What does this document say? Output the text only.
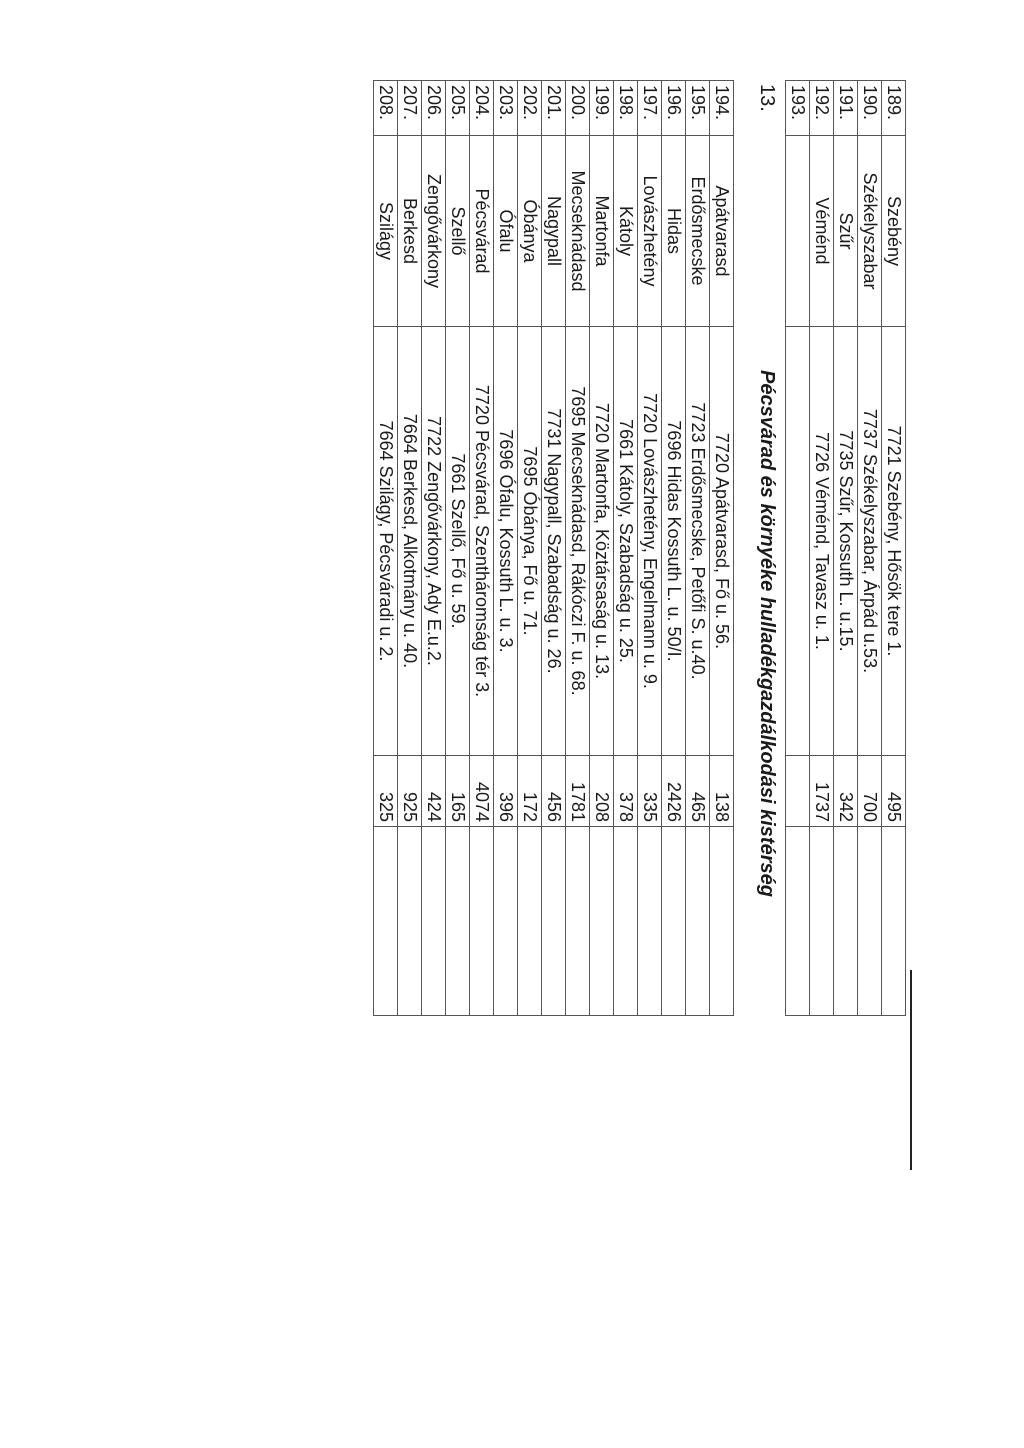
189.	Szebény	7721 Szebény, Hősök tere 1.	495	
190.	Székelyszabar	7737 Székelyszabar, Árpád u.53.	700	
191.	Szűr	7735 Szűr, Kossuth L. u.15.	342	
192.	Véménd	7726 Véménd, Tavasz u. 1.	1737	
193.				
13.
Pécsvárad és környéke hulladékgazdálkodási kistérség
194.	Apátvarasd	7720 Apátvarasd, Fő u. 56.	138	
195.	Erdősmecske	7723 Erdősmecske, Petőfi S. u.40.	465	
196.	Hidas	7696 Hidas Kossuth L. u. 50/I.	2426	
197.	Lovászhetény	7720 Lovászhetény, Engelmann u. 9.	335	
198.	Kátoly	7661 Kátoly, Szabadság u. 25.	378	
199.	Martonfa	7720 Martonfa, Köztársaság u. 13.	208	
200.	Mecseknádasd	7695 Mecseknádasd, Rákóczi F. u. 68.	1781	
201.	Nagypall	7731 Nagypall, Szabadság u. 26.	456	
202.	Óbánya	7695 Óbánya, Fő u. 71.	172	
203.	Ófalu	7696 Ófalu, Kossuth L. u. 3.	396	
204.	Pécsvárad	7720 Pécsvárad, Szentháromság tér 3.	4074	
205.	Szellő	7661 Szellő, Fő u. 59.	165	
206.	Zengővárkony	7722 Zengővárkony, Ady E.u.2.	424	
207.	Berkesd	7664 Berkesd, Alkotmány u. 40.	925	
208.	Szilágy	7664 Szilágy, Pécsváradi u. 2.	325	
